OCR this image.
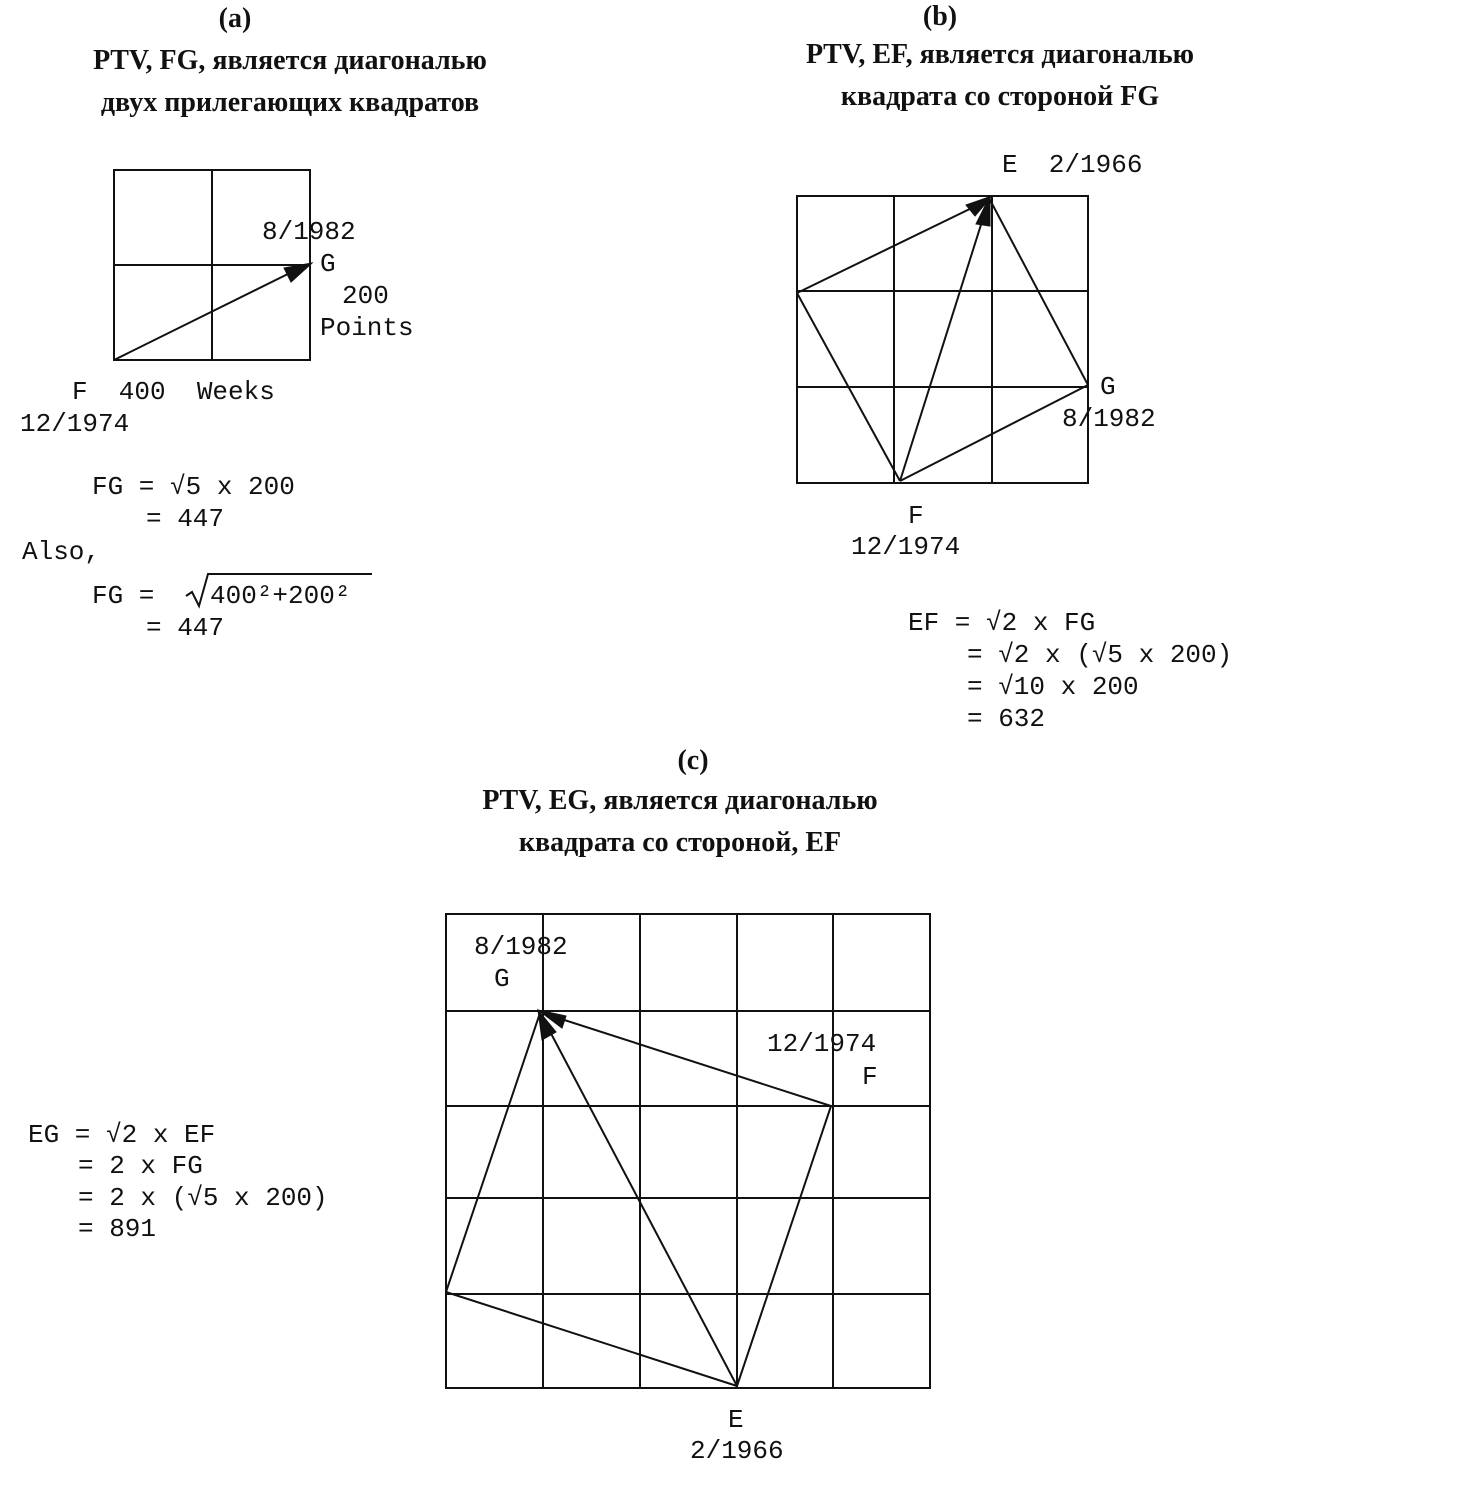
(a)
PTV, FG, является диагональю
двух прилегающих квадратов
8/1982
G
200
Points
F  400  Weeks
12/1974
FG = √5 x 200
= 447
Also,
FG = 400²+200²
= 447
(b)
PTV, EF, является диагональю
квадрата со стороной FG
E  2/1966
G
8/1982
F
12/1974
EF = √2 x FG
= √2 x (√5 x 200)
= √10 x 200
= 632
(c)
PTV, EG, является диагональю
квадрата со стороной, EF
8/1982
G
12/1974
F
E
2/1966
EG = √2 x EF
= 2 x FG
= 2 x (√5 x 200)
= 891
